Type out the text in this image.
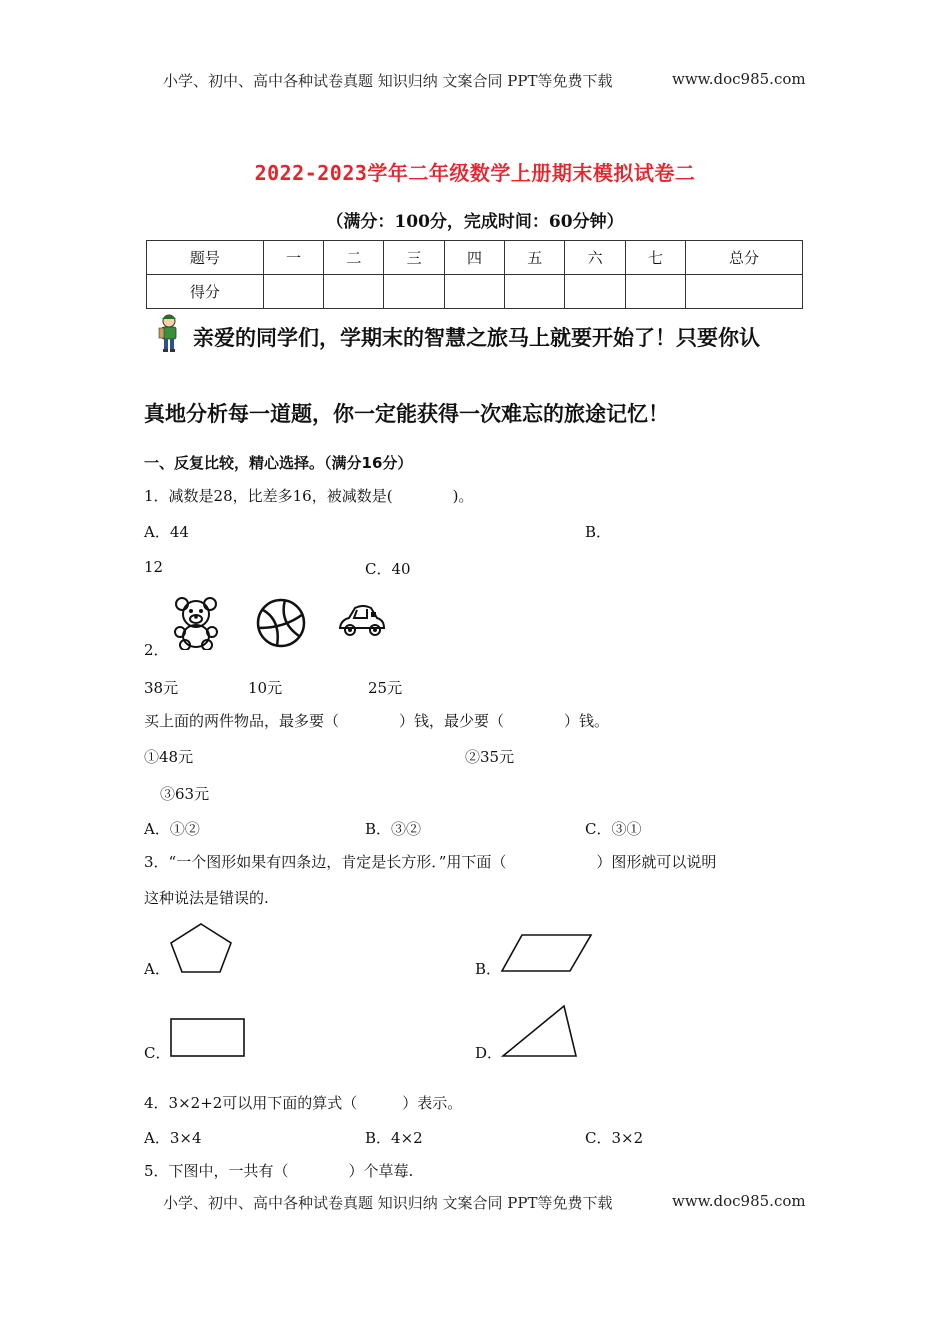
小学、初中、高中各种试卷真题 知识归纳 文案合同 PPT等免费下载	www.doc985.com
2022-2023学年二年级数学上册期末模拟试卷二
（满分：100分，完成时间：60分钟）
题号	一	二	三	四	五	六	七	总分
得分								
亲爱的同学们，学期末的智慧之旅马上就要开始了！只要你认
真地分析每一道题，你一定能获得一次难忘的旅途记忆！
一、反复比较，精心选择。（满分16分）
1．减数是28，比差多16，被减数是(　　　　)。
A．44	B．
12	C．40
2．
38元	10元	25元
买上面的两件物品，最多要（　　　　）钱，最少要（　　　　）钱。
①48元	②35元
③63元
A．①②	B．③②	C．③①
3．“一个图形如果有四条边，肯定是长方形．”用下面（　　　　　　）图形就可以说明
这种说法是错误的.
A．	B．
C．	D．
4．3×2+2可以用下面的算式（　　　）表示。
A．3×4	B．4×2	C．3×2
5．下图中，一共有（　　　　）个草莓.
小学、初中、高中各种试卷真题 知识归纳 文案合同 PPT等免费下载	www.doc985.com
